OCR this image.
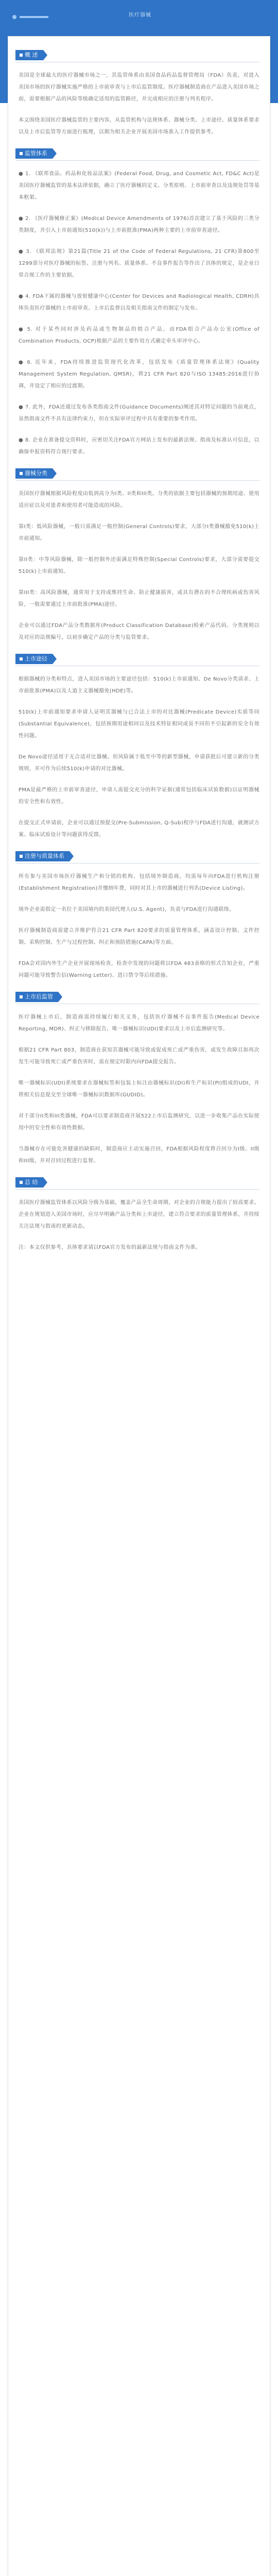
医疗器械
概 述

美国是全球最大的医疗器械市场之一，其监管体系由美国食品药品监督管理局（FDA）负责，对进入美国市场的医疗器械实施严格的上市前审查与上市后监管制度。医疗器械制造商在产品进入美国市场之前，需要根据产品的风险等级确定适用的监管路径，并完成相应的注册与列名程序。

本文围绕美国医疗器械监管的主要内容，从监管机构与法规体系、器械分类、上市途径、质量体系要求以及上市后监管等方面进行梳理，以期为相关企业开展美国市场准入工作提供参考。

监管体系

● 1. 《联邦食品、药品和化妆品法案》(Federal Food, Drug, and Cosmetic Act, FD&C Act)是美国医疗器械监管的基本法律依据，确立了医疗器械的定义、分类原则、上市前审查以及违规处罚等基本框架。

● 2. 《医疗器械修正案》(Medical Device Amendments of 1976)首次建立了基于风险的三类分类制度，并引入上市前通知(510(k))与上市前批准(PMA)两种主要的上市前审查途径。

● 3. 《联邦法规》第21篇(Title 21 of the Code of Federal Regulations, 21 CFR)第800至1299部分对医疗器械的标签、注册与列名、质量体系、不良事件报告等作出了具体的规定，是企业日常合规工作的主要依据。

● 4. FDA下属的器械与放射健康中心(Center for Devices and Radiological Health, CDRH)具体负责医疗器械的上市前审查、上市后监督以及相关指南文件的制定与发布。

● 5. 对于某些同时涉及药品或生物制品的组合产品，由FDA组合产品办公室(Office of Combination Products, OCP)根据产品的主要作用方式确定牵头审评中心。

● 6. 近年来，FDA持续推进监管现代化改革，包括发布《质量管理体系法规》(Quality Management System Regulation, QMSR)，将21 CFR Part 820与ISO 13485:2016进行协调，并设定了相应的过渡期。

● 7. 此外，FDA还通过发布各类指南文件(Guidance Documents)阐述其对特定问题的当前观点，虽然指南文件不具有法律约束力，但在实际审评过程中具有重要的参考作用。

● 8. 企业在准备提交资料时，应密切关注FDA官方网站上发布的最新法规、指南及标准认可信息，以确保申报资料符合现行要求。

器械分类

美国医疗器械根据风险程度由低到高分为I类、II类和III类。分类的依据主要包括器械的预期用途、使用适应症以及对患者和使用者可能造成的风险。

第I类：低风险器械，一般只需满足一般控制(General Controls)要求，大部分I类器械豁免510(k)上市前通知。

第II类：中等风险器械，除一般控制外还需满足特殊控制(Special Controls)要求，大部分需要提交510(k)上市前通知。

第III类：高风险器械，通常用于支持或维持生命、防止健康损害，或具有潜在的不合理疾病或伤害风险，一般需要通过上市前批准(PMA)途径。

企业可以通过FDA产品分类数据库(Product Classification Database)检索产品代码、分类规则以及对应的法规编号，以初步确定产品的分类与监管要求。

上市途径

根据器械的分类和特点，进入美国市场的主要途径包括：510(k)上市前通知、De Novo分类请求、上市前批准(PMA)以及人道主义器械豁免(HDE)等。

510(k)上市前通知要求申请人证明其器械与已合法上市的对比器械(Predicate Device)实质等同(Substantial Equivalence)，包括预期用途相同以及技术特征相同或虽不同但不引起新的安全有效性问题。

De Novo途径适用于无合适对比器械、但风险属于低至中等的新型器械，申请获批后可建立新的分类规则，并可作为后续510(k)申请的对比器械。

PMA是最严格的上市前审查途径，申请人需提交充分的科学证据(通常包括临床试验数据)以证明器械的安全性和有效性。

在提交正式申请前，企业可以通过预提交(Pre-Submission, Q-Sub)程序与FDA进行沟通，就测试方案、临床试验设计等问题获得反馈。

注册与质量体系

所有参与美国市场医疗器械生产和分销的机构，包括境外制造商，均需每年向FDA进行机构注册(Establishment Registration)并缴纳年费，同时对其上市的器械进行列名(Device Listing)。

境外企业需指定一名位于美国境内的美国代理人(U.S. Agent)，负责与FDA进行沟通联络。

医疗器械制造商需建立并维护符合21 CFR Part 820要求的质量管理体系，涵盖设计控制、文件控制、采购控制、生产与过程控制、纠正和预防措施(CAPA)等方面。

FDA会对国内外生产企业开展现场检查，检查中发现的问题将以FDA 483表格的形式告知企业，严重问题可能导致警告信(Warning Letter)、进口禁令等后续措施。

上市后监管

医疗器械上市后，制造商需持续履行相关义务，包括医疗器械不良事件报告(Medical Device Reporting, MDR)、纠正与移除报告、唯一器械标识(UDI)要求以及上市后监测研究等。

根据21 CFR Part 803，制造商在获知其器械可能导致或促成死亡或严重伤害，或发生故障且如再次发生可能导致死亡或严重伤害时，需在规定时限内向FDA提交报告。

唯一器械标识(UDI)系统要求在器械标签和包装上标注由器械标识(DI)和生产标识(PI)组成的UDI，并将相关信息提交至全球唯一器械标识数据库(GUDID)。

对于部分II类和III类器械，FDA可以要求制造商开展522上市后监测研究，以进一步收集产品在实际使用中的安全性和有效性数据。

当器械存在可能危害健康的缺陷时，制造商应主动实施召回，FDA根据风险程度将召回分为I级、II级和III级，并对召回过程进行监督。

总 结

美国医疗器械监管体系以风险分级为基础，覆盖产品全生命周期，对企业的合规能力提出了较高要求。企业在规划进入美国市场时，应尽早明确产品分类和上市途径，建立符合要求的质量管理体系，并持续关注法规与指南的更新动态。

注：本文仅供参考，具体要求请以FDA官方发布的最新法规与指南文件为准。
